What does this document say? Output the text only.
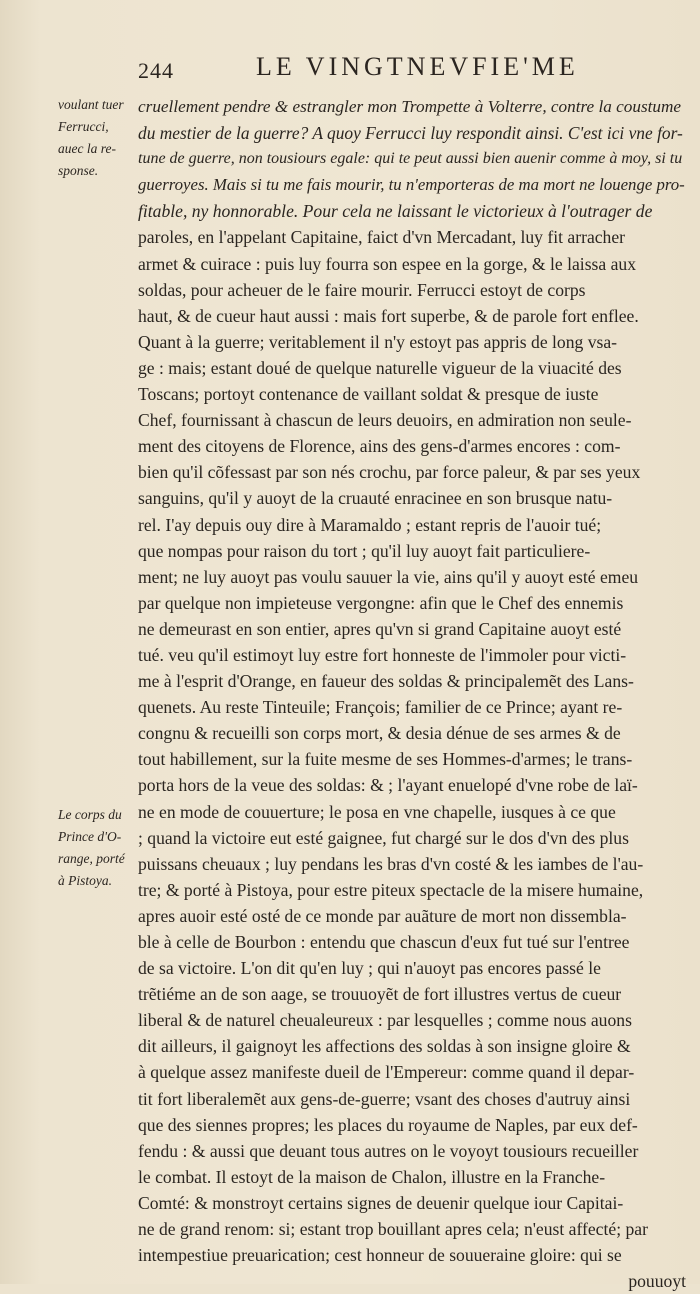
244	LE VINGTNEVFIE'ME
voulant tuer
Ferrucci,
auec la re-
sponse.
Le corps du
Prince d'O-
range, porté
à Pistoya.
cruellement pendre & estrangler mon Trompette à Volterre, contre la coustume
du mestier de la guerre? A quoy Ferrucci luy respondit ainsi. C'est ici vne for-
tune de guerre, non tousiours egale: qui te peut aussi bien auenir comme à moy, si tu
guerroyes. Mais si tu me fais mourir, tu n'emporteras de ma mort ne louenge pro-
fitable, ny honnorable. Pour cela ne laissant le victorieux à l'outrager de
paroles, en l'appelant Capitaine, faict d'vn Mercadant, luy fit arracher
armet & cuirace : puis luy fourra son espee en la gorge, & le laissa aux
soldas, pour acheuer de le faire mourir. Ferrucci estoyt de corps
haut, & de cueur haut aussi : mais fort superbe, & de parole fort enflee.
Quant à la guerre; veritablement il n'y estoyt pas appris de long vsa-
ge : mais; estant doué de quelque naturelle vigueur de la viuacité des
Toscans; portoyt contenance de vaillant soldat & presque de iuste
Chef, fournissant à chascun de leurs deuoirs, en admiration non seule-
ment des citoyens de Florence, ains des gens-d'armes encores : com-
bien qu'il cõfessast par son nés crochu, par force paleur, & par ses yeux
sanguins, qu'il y auoyt de la cruauté enracinee en son brusque natu-
rel. I'ay depuis ouy dire à Maramaldo ; estant repris de l'auoir tué;
que nompas pour raison du tort ; qu'il luy auoyt fait particuliere-
ment; ne luy auoyt pas voulu sauuer la vie, ains qu'il y auoyt esté emeu
par quelque non impieteuse vergongne: afin que le Chef des ennemis
ne demeurast en son entier, apres qu'vn si grand Capitaine auoyt esté
tué. veu qu'il estimoyt luy estre fort honneste de l'immoler pour victi-
me à l'esprit d'Orange, en faueur des soldas & principalemẽt des Lans-
quenets. Au reste Tinteuile; François; familier de ce Prince; ayant re-
congnu & recueilli son corps mort, & desia dénue de ses armes & de
tout habillement, sur la fuite mesme de ses Hommes-d'armes; le trans-
porta hors de la veue des soldas: & ; l'ayant enuelopé d'vne robe de laï-
ne en mode de couuerture; le posa en vne chapelle, iusques à ce que
; quand la victoire eut esté gaignee, fut chargé sur le dos d'vn des plus
puissans cheuaux ; luy pendans les bras d'vn costé & les iambes de l'au-
tre; & porté à Pistoya, pour estre piteux spectacle de la misere humaine,
apres auoir esté osté de ce monde par auãture de mort non dissembla-
ble à celle de Bourbon : entendu que chascun d'eux fut tué sur l'entree
de sa victoire. L'on dit qu'en luy ; qui n'auoyt pas encores passé le
trẽtiéme an de son aage, se trouuoyẽt de fort illustres vertus de cueur
liberal & de naturel cheualeureux : par lesquelles ; comme nous auons
dit ailleurs, il gaignoyt les affections des soldas à son insigne gloire &
à quelque assez manifeste dueil de l'Empereur: comme quand il depar-
tit fort liberalemẽt aux gens-de-guerre; vsant des choses d'autruy ainsi
que des siennes propres; les places du royaume de Naples, par eux def-
fendu : & aussi que deuant tous autres on le voyoyt tousiours recueiller
le combat. Il estoyt de la maison de Chalon, illustre en la Franche-
Comté: & monstroyt certains signes de deuenir quelque iour Capitai-
ne de grand renom: si; estant trop bouillant apres cela; n'eust affecté; par
intempestiue preuarication; cest honneur de souueraine gloire: qui se
pouuoyt
